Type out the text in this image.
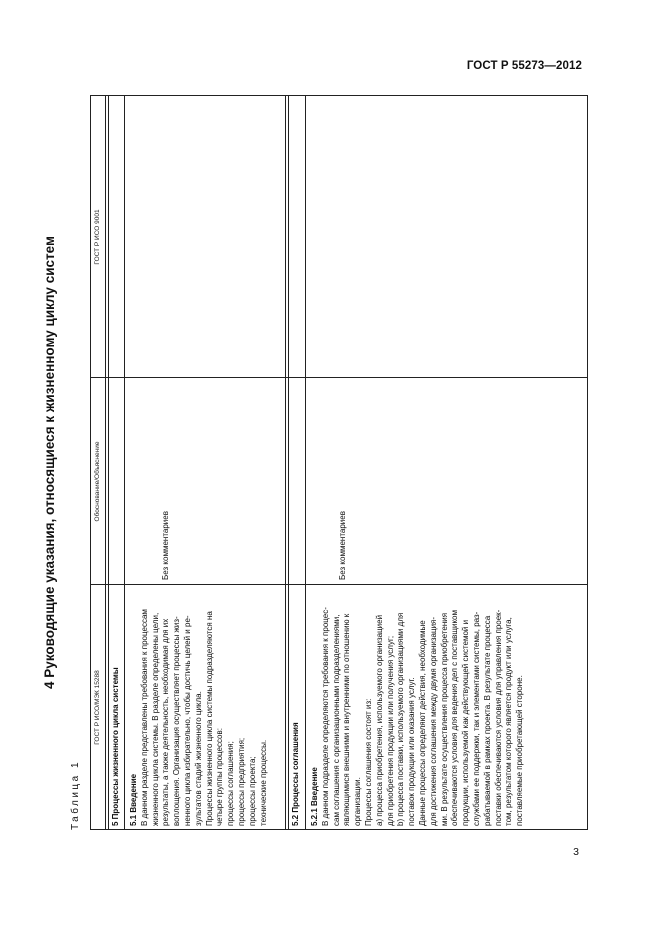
ГОСТ Р 55273—2012
3
4 Руководящие указания, относящиеся к жизненному циклу систем
Таблица 1
ГОСТ Р ИСО/МЭК 15288
Обоснование/Объяснение
ГОСТ Р ИСО 9001
5 Процессы жизненного цикла системы 5.1 Введение В данном разделе представлены требования к процессам жизненного цикла системы. В разделе определены цели, результаты, а также деятельность, необходимая для их воплощения. Организация осуществляет процессы жиз- ненного цикла избирательно, чтобы достичь целей и ре- зультатов стадий жизненного цикла. Процессы жизненного цикла системы подразделяются на четыре группы процессов: процессы соглашения; процессы предприятия; процессы проекта; технические процессы.
Без комментариев
5.2 Процессы соглашения 5.2.1 Введение В данном подразделе определяются требования к процес- сам соглашения с организационными подразделениями, являющимися внешними и внутренними по отношению к организации. Процессы соглашения состоят из: a) процесса приобретения, используемого организацией для приобретения продукции или получения услуг; b) процесса поставки, используемого организациями для поставок продукции или оказания услуг. Данные процессы определяют действия, необходимые для достижения соглашения между двумя организация- ми. В результате осуществления процесса приобретения обеспечиваются условия для ведения дел с поставщиком продукции, используемой как действующей системой и службами ее поддержки, так и элементами системы, раз- рабатываемой в рамках проекта. В результате процесса поставки обеспечиваются условия для управления проек- том, результатом которого является продукт или услуга, поставляемые приобретающей стороне.
Без комментариев
